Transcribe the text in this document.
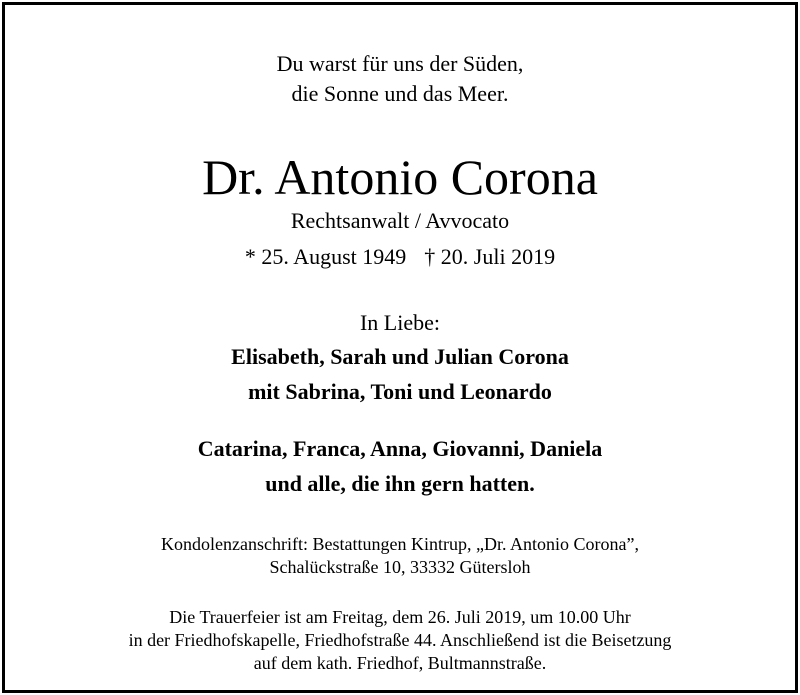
Du warst für uns der Süden,
die Sonne und das Meer.
Dr. Antonio Corona
Rechtsanwalt / Avvocato
* 25. August 1949 † 20. Juli 2019
In Liebe:
Elisabeth, Sarah und Julian Corona
mit Sabrina, Toni und Leonardo
Catarina, Franca, Anna, Giovanni, Daniela
und alle, die ihn gern hatten.
Kondolenzanschrift: Bestattungen Kintrup, „Dr. Antonio Corona”,
Schalückstraße 10, 33332 Gütersloh
Die Trauerfeier ist am Freitag, dem 26. Juli 2019, um 10.00 Uhr
in der Friedhofskapelle, Friedhofstraße 44. Anschließend ist die Beisetzung
auf dem kath. Friedhof, Bultmannstraße.
